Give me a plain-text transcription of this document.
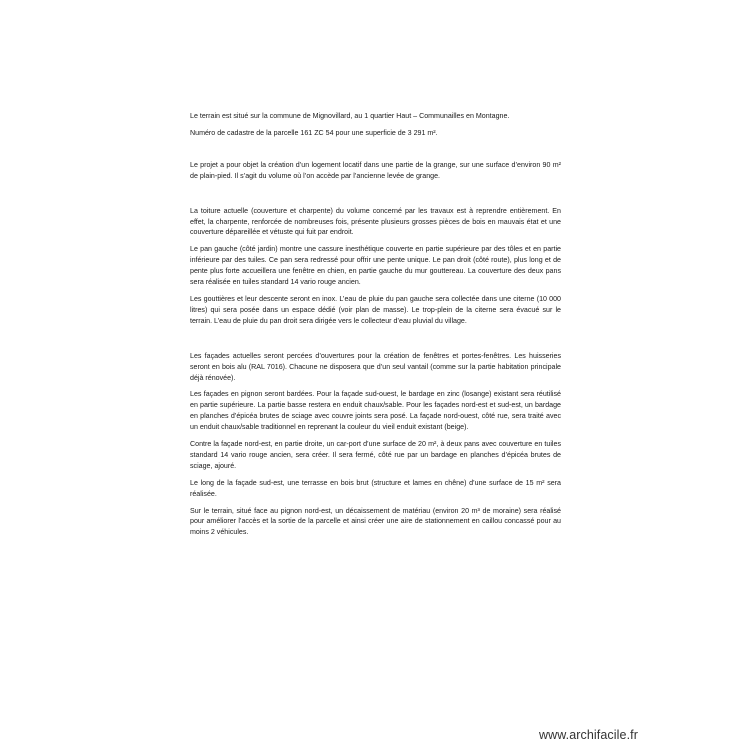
Le terrain est situé sur la commune de Mignovillard, au 1 quartier Haut – Communailles en Montagne.

Numéro de cadastre de la parcelle 161 ZC 54 pour une superficie de 3 291 m².

Le projet a pour objet la création d’un logement locatif dans une partie de la grange, sur une surface d’environ 90 m² de plain-pied. Il s’agit du volume où l’on accède par l’ancienne levée de grange.

La toiture actuelle (couverture et charpente) du volume concerné par les travaux est à reprendre entièrement. En effet, la charpente, renforcée de nombreuses fois, présente plusieurs grosses pièces de bois en mauvais état et une couverture dépareillée et vétuste qui fuit par endroit.

Le pan gauche (côté jardin) montre une cassure inesthétique couverte en partie supérieure par des tôles et en partie inférieure par des tuiles. Ce pan sera redressé pour offrir une pente unique. Le pan droit (côté route), plus long et de pente plus forte accueillera une fenêtre en chien, en partie gauche du mur gouttereau. La couverture des deux pans sera réalisée en tuiles standard 14 vario rouge ancien.

Les gouttières et leur descente seront en inox. L’eau de pluie du pan gauche sera collectée dans une citerne (10 000 litres) qui sera posée dans un espace dédié (voir plan de masse). Le trop-plein de la citerne sera évacué sur le terrain. L’eau de pluie du pan droit sera dirigée vers le collecteur d’eau pluvial du village.

Les façades actuelles seront percées d’ouvertures pour la création de fenêtres et portes-fenêtres. Les huisseries seront en bois alu (RAL 7016). Chacune ne disposera que d’un seul vantail (comme sur la partie habitation principale déjà rénovée).

Les façades en pignon seront bardées. Pour la façade sud-ouest, le bardage en zinc (losange) existant sera réutilisé en partie supérieure. La partie basse restera en enduit chaux/sable. Pour les façades nord-est et sud-est, un bardage en planches d’épicéa brutes de sciage avec couvre joints sera posé. La façade nord-ouest, côté rue, sera traité avec un enduit chaux/sable traditionnel en reprenant la couleur du vieil enduit existant (beige).

Contre la façade nord-est, en partie droite, un car-port d’une surface de 20 m², à deux pans avec couverture en tuiles standard 14 vario rouge ancien, sera créer. Il sera fermé, côté rue par un bardage en planches d’épicéa brutes de sciage, ajouré.

Le long de la façade sud-est, une terrasse en bois brut (structure et lames en chêne) d’une surface de 15 m² sera réalisée.

Sur le terrain, situé face au pignon nord-est, un décaissement de matériau (environ 20 m³ de moraine) sera réalisé pour améliorer l’accès et la sortie de la parcelle et ainsi créer une aire de stationnement en caillou concassé pour au moins 2 véhicules.

www.archifacile.fr
